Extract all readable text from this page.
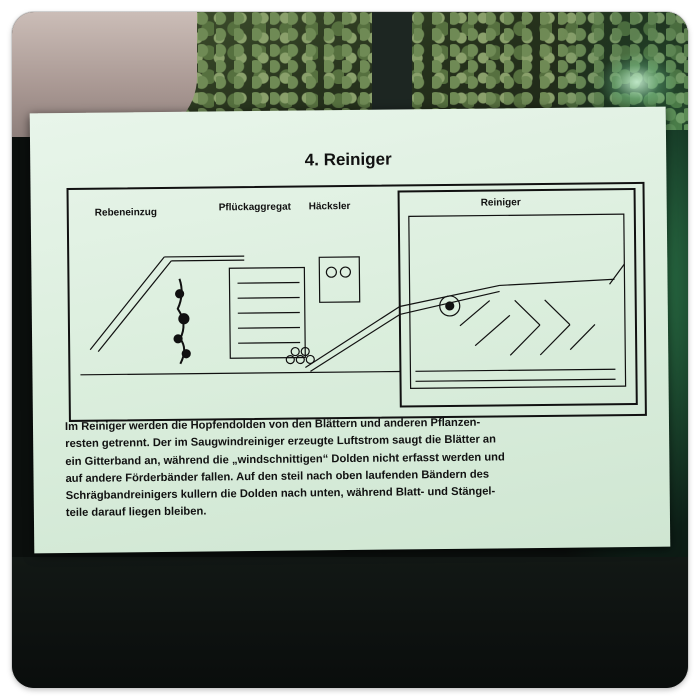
4. Reiniger
Rebeneinzug	Pflückaggregat Häcksler	Reiniger

Im Reiniger werden die Hopfendolden von den Blättern und anderen Pflanzen-

resten getrennt. Der im Saugwindreiniger erzeugte Luftstrom saugt die Blätter an

ein Gitterband an, während die „windschnittigen“ Dolden nicht erfasst werden und

auf andere Förderbänder fallen. Auf den steil nach oben laufenden Bändern des

Schrägbandreinigers kullern die Dolden nach unten, während Blatt- und Stängel-

teile darauf liegen bleiben.
